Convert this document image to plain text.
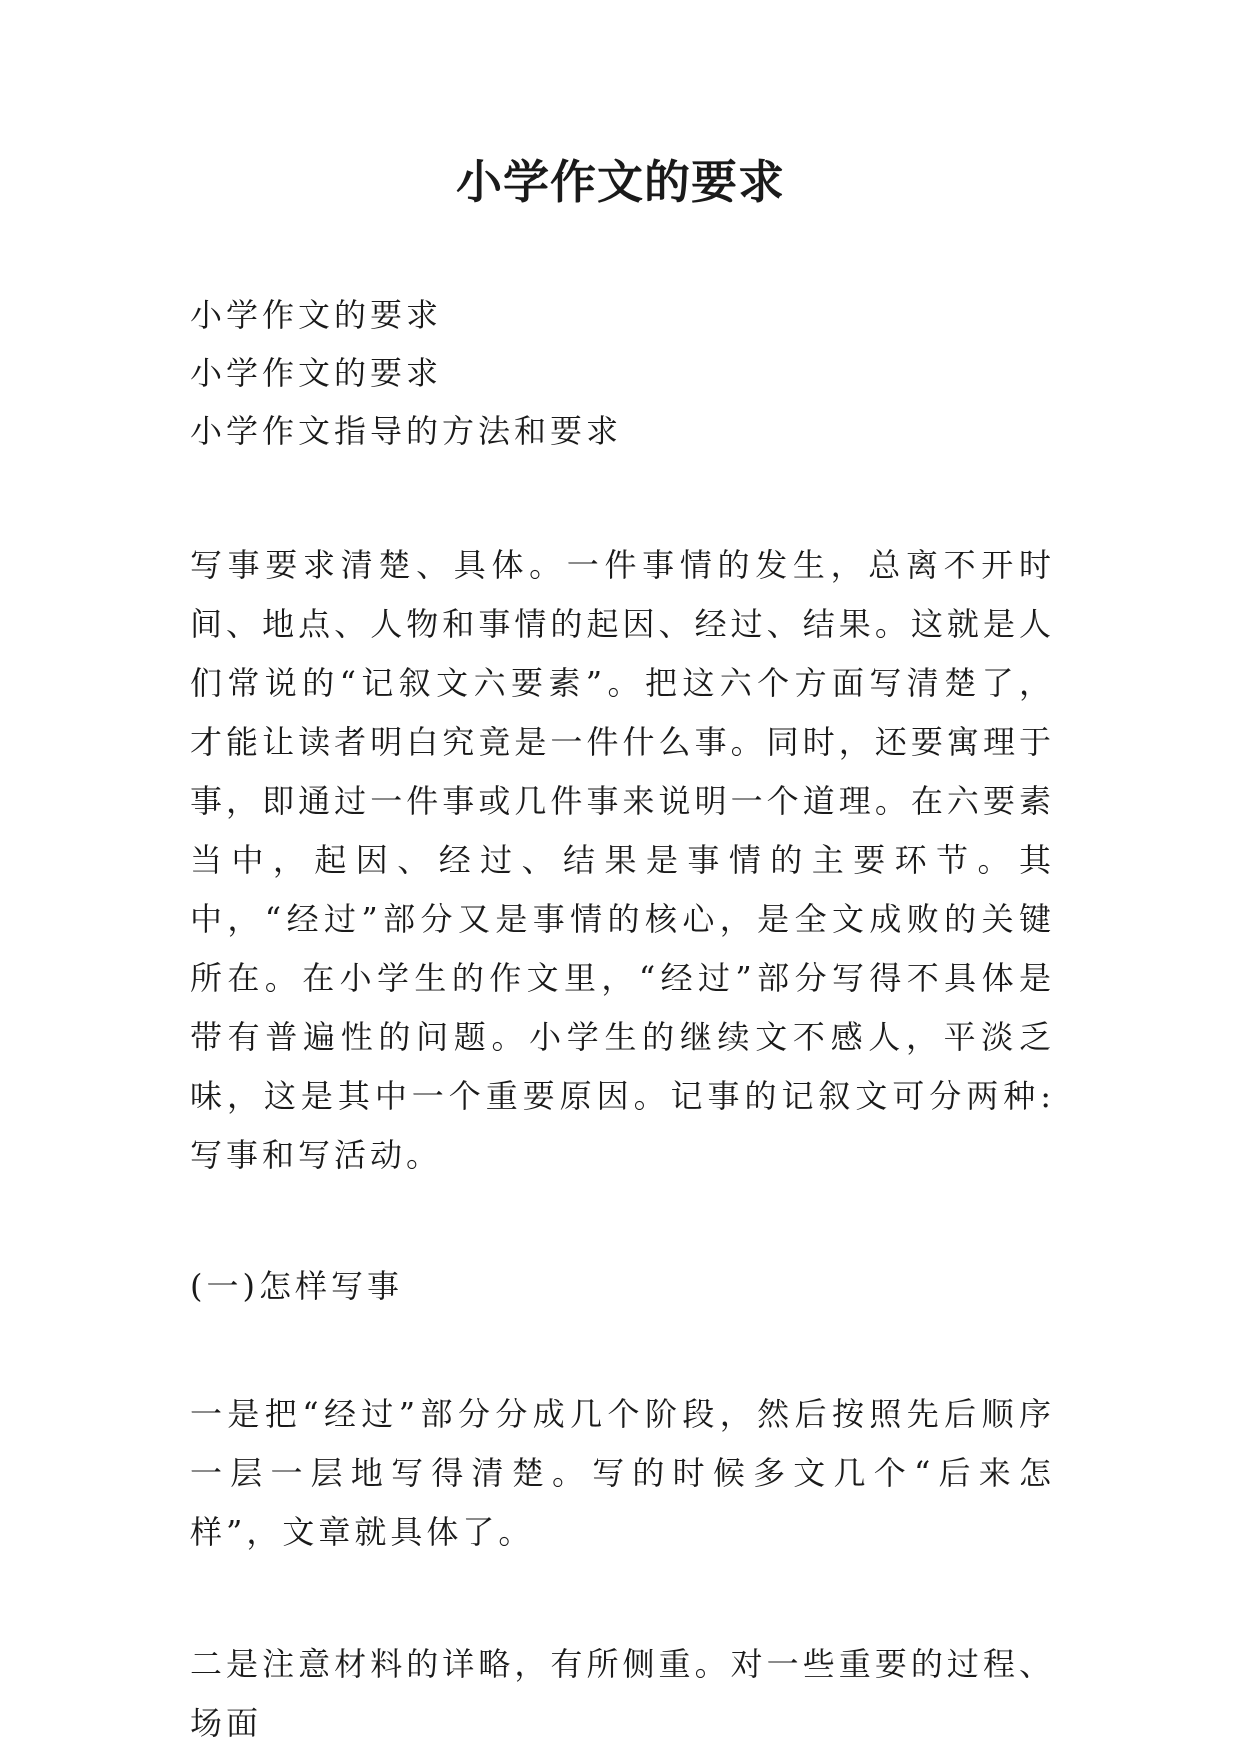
小学作文的要求
小学作文的要求
小学作文的要求
小学作文指导的方法和要求
写事要求清楚、具体。一件事情的发生，总离不开时间、地点、人物和事情的起因、经过、结果。这就是人们常说的“记叙文六要素”。把这六个方面写清楚了，才能让读者明白究竟是一件什么事。同时，还要寓理于事，即通过一件事或几件事来说明一个道理。在六要素当中，起因、经过、结果是事情的主要环节。其中，“经过”部分又是事情的核心，是全文成败的关键所在。在小学生的作文里，“经过”部分写得不具体是带有普遍性的问题。小学生的继续文不感人，平淡乏味，这是其中一个重要原因。记事的记叙文可分两种:写事和写活动。
(一)怎样写事
一是把“经过”部分分成几个阶段，然后按照先后顺序一层一层地写得清楚。写的时候多文几个“后来怎样”，文章就具体了。
二是注意材料的详略，有所侧重。对一些重要的过程、场面
